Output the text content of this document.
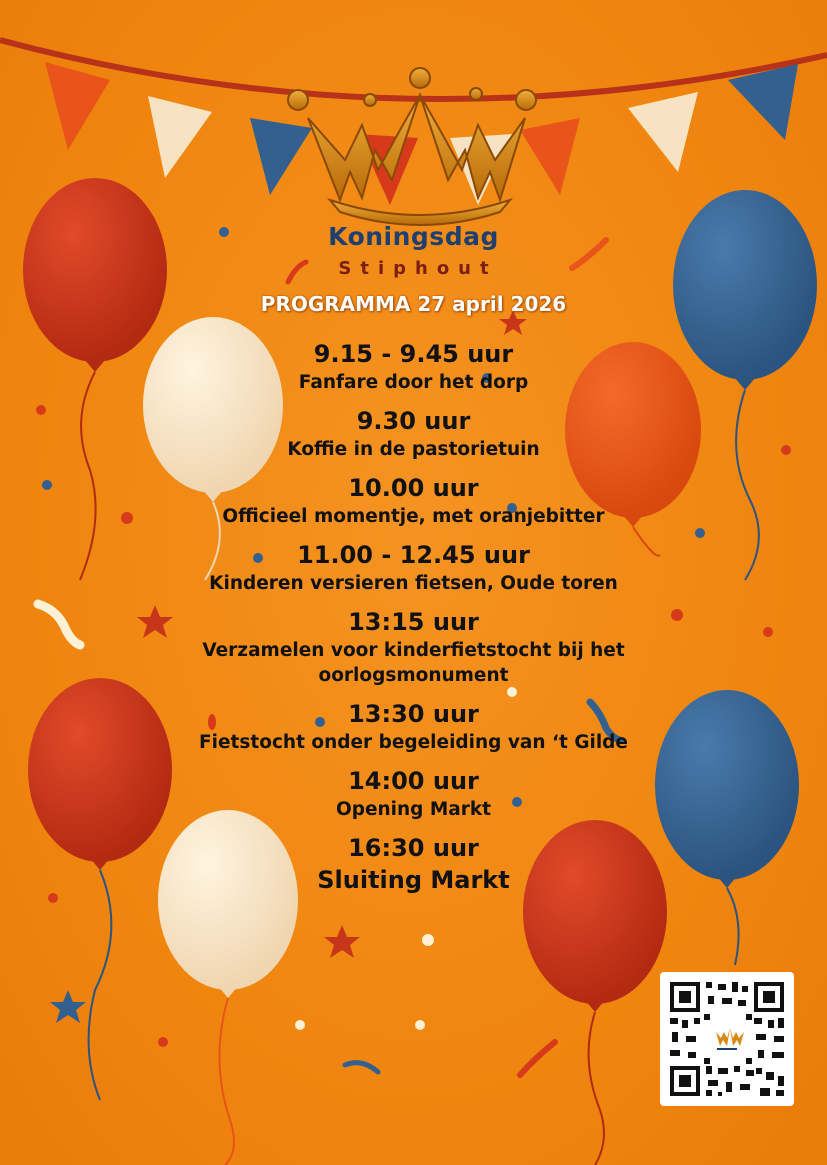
Koningsdag
Stiphout
PROGRAMMA 27 april 2026
9.15 - 9.45 uur
Fanfare door het dorp
9.30 uur
Koffie in de pastorietuin
10.00 uur
Officieel momentje, met oranjebitter
11.00 - 12.45 uur
Kinderen versieren fietsen, Oude toren
13:15 uur
Verzamelen voor kinderfietstocht bij het oorlogsmonument
13:30 uur
Fietstocht onder begeleiding van ‘t Gilde
14:00 uur
Opening Markt
16:30 uur
Sluiting Markt
